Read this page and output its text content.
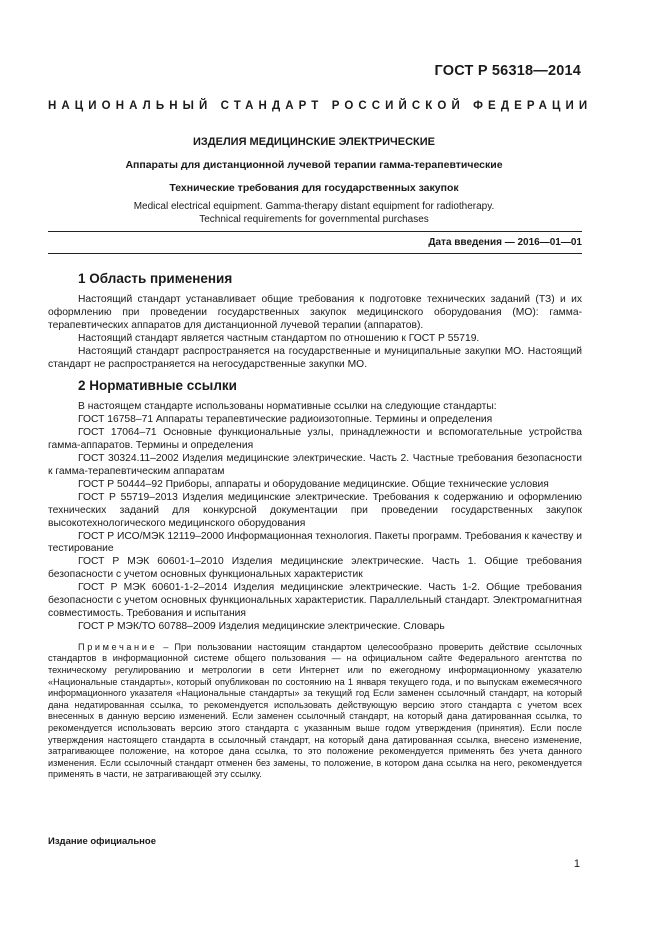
ГОСТ Р 56318—2014
НАЦИОНАЛЬНЫЙ СТАНДАРТ РОССИЙСКОЙ ФЕДЕРАЦИИ

ИЗДЕЛИЯ МЕДИЦИНСКИЕ ЭЛЕКТРИЧЕСКИЕ

Аппараты для дистанционной лучевой терапии гамма-терапевтические

Технические требования для государственных закупок

Medical electrical equipment. Gamma-therapy distant equipment for radiotherapy.
Technical requirements for governmental purchases

Дата введения — 2016—01—01
1 Область применения

Настоящий стандарт устанавливает общие требования к подготовке технических заданий (ТЗ) и их оформлению при проведении государственных закупок медицинского оборудования (МО): гамма-терапевтических аппаратов для дистанционной лучевой терапии (аппаратов).

Настоящий стандарт является частным стандартом по отношению к ГОСТ Р 55719.

Настоящий стандарт распространяется на государственные и муниципальные закупки МО. Настоящий стандарт не распространяется на негосударственные закупки МО.

2 Нормативные ссылки

В настоящем стандарте использованы нормативные ссылки на следующие стандарты:

ГОСТ 16758–71 Аппараты терапевтические радиоизотопные. Термины и определения

ГОСТ 17064–71 Основные функциональные узлы, принадлежности и вспомогательные устройства гамма-аппаратов. Термины и определения

ГОСТ 30324.11–2002 Изделия медицинские электрические. Часть 2. Частные требования безопасности к гамма-терапевтическим аппаратам

ГОСТ Р 50444–92 Приборы, аппараты и оборудование медицинские. Общие технические условия

ГОСТ Р 55719–2013 Изделия медицинские электрические. Требования к содержанию и оформлению технических заданий для конкурсной документации при проведении государственных закупок высокотехнологического медицинского оборудования

ГОСТ Р ИСО/МЭК 12119–2000 Информационная технология. Пакеты программ. Требования к качеству и тестирование

ГОСТ Р МЭК 60601-1–2010 Изделия медицинские электрические. Часть 1. Общие требования безопасности с учетом основных функциональных характеристик

ГОСТ Р МЭК 60601-1-2–2014 Изделия медицинские электрические. Часть 1-2. Общие требования безопасности с учетом основных функциональных характеристик. Параллельный стандарт. Электромагнитная совместимость. Требования и испытания

ГОСТ Р МЭК/ТО 60788–2009 Изделия медицинские электрические. Словарь

Примечание – При пользовании настоящим стандартом целесообразно проверить действие ссылочных стандартов в информационной системе общего пользования — на официальном сайте Федерального агентства по техническому регулированию и метрологии в сети Интернет или по ежегодному информационному указателю «Национальные стандарты», который опубликован по состоянию на 1 января текущего года, и по выпускам ежемесячного информационного указателя «Национальные стандарты» за текущий год Если заменен ссылочный стандарт, на который дана недатированная ссылка, то рекомендуется использовать действующую версию этого стандарта с учетом всех внесенных в данную версию изменений. Если заменен ссылочный стандарт, на который дана датированная ссылка, то рекомендуется использовать версию этого стандарта с указанным выше годом утверждения (принятия). Если после утверждения настоящего стандарта в ссылочный стандарт, на который дана датированная ссылка, внесено изменение, затрагивающее положение, на которое дана ссылка, то это положение рекомендуется применять без учета данного изменения. Если ссылочный стандарт отменен без замены, то положение, в котором дана ссылка на него, рекомендуется применять в части, не затрагивающей эту ссылку.

Издание официальное
1
